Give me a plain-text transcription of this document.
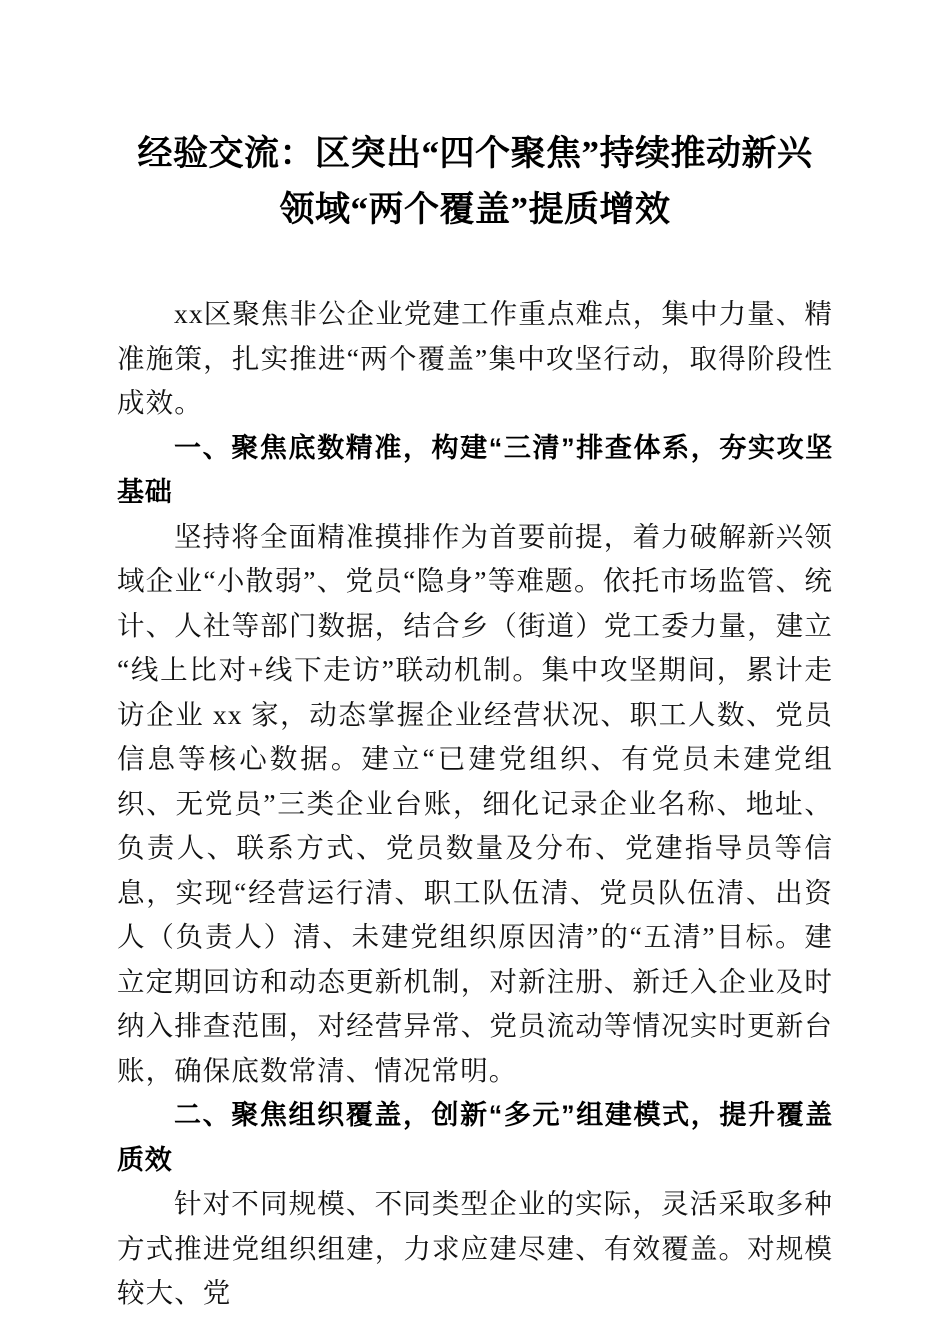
经验交流：区突出“四个聚焦”持续推动新兴
领域“两个覆盖”提质增效

xx区聚焦非公企业党建工作重点难点，集中力量、精准施策，扎实推进“两个覆盖”集中攻坚行动，取得阶段性成效。

一、聚焦底数精准，构建“三清”排查体系，夯实攻坚基础

坚持将全面精准摸排作为首要前提，着力破解新兴领域企业“小散弱”、党员“隐身”等难题。依托市场监管、统计、人社等部门数据，结合乡（街道）党工委力量，建立“线上比对+线下走访”联动机制。集中攻坚期间，累计走访企业 xx 家，动态掌握企业经营状况、职工人数、党员信息等核心数据。建立“已建党组织、有党员未建党组织、无党员”三类企业台账，细化记录企业名称、地址、负责人、联系方式、党员数量及分布、党建指导员等信息，实现“经营运行清、职工队伍清、党员队伍清、出资人（负责人）清、未建党组织原因清”的“五清”目标。建立定期回访和动态更新机制，对新注册、新迁入企业及时纳入排查范围，对经营异常、党员流动等情况实时更新台账，确保底数常清、情况常明。

二、聚焦组织覆盖，创新“多元”组建模式，提升覆盖质效

针对不同规模、不同类型企业的实际，灵活采取多种方式推进党组织组建，力求应建尽建、有效覆盖。对规模较大、党
